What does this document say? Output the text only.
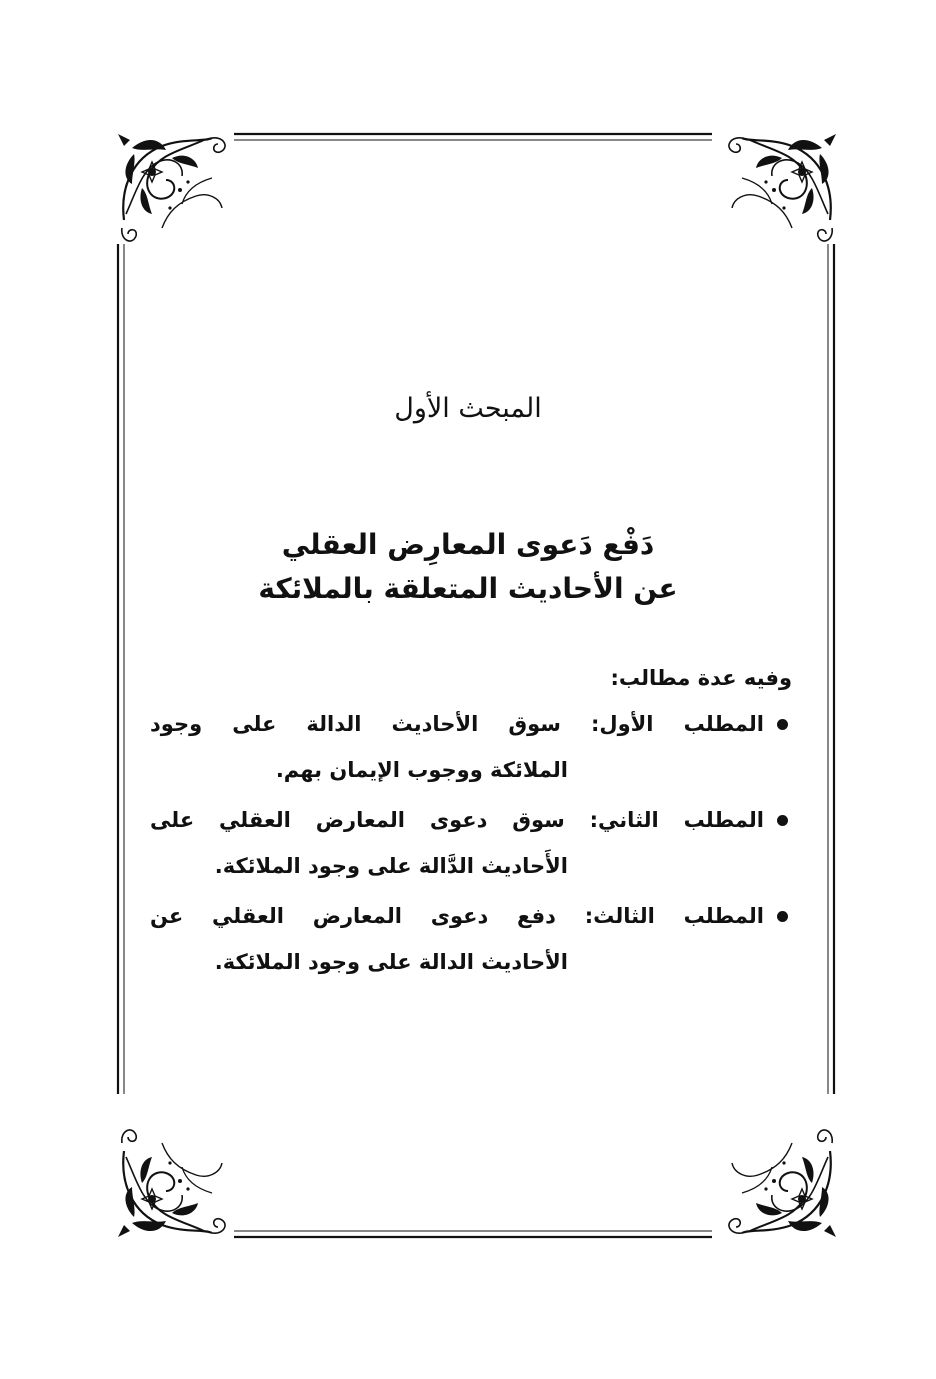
المبحث الأول
دَفْع دَعوى المعارِض العقلي
عن الأحاديث المتعلقة بالملائكة
وفيه عدة مطالب:
المطلب الأول: سوق الأحاديث الدالة على وجود
الملائكة ووجوب الإيمان بهم.
المطلب الثاني: سوق دعوى المعارض العقلي على
الأَحاديث الدَّالة على وجود الملائكة.
المطلب الثالث: دفع دعوى المعارض العقلي عن
الأحاديث الدالة على وجود الملائكة.
